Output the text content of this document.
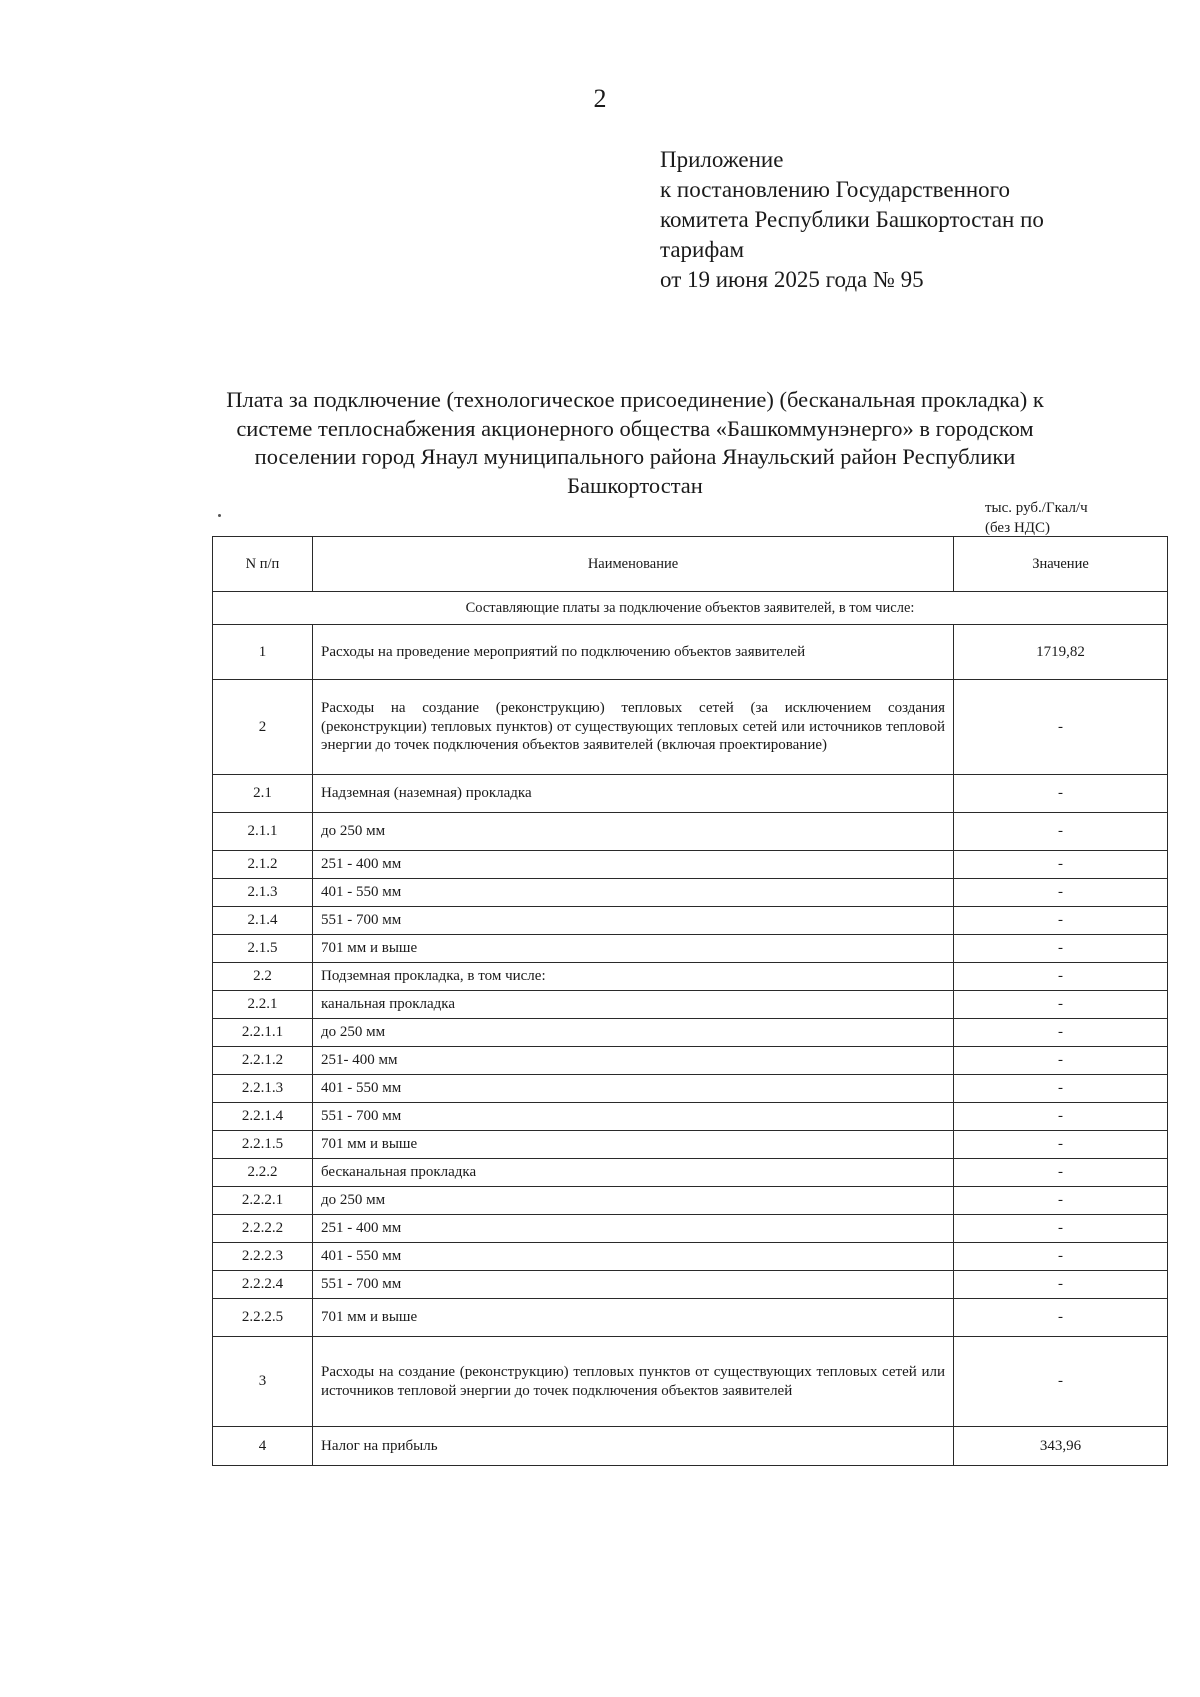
2
Приложение
к постановлению Государственного
комитета Республики Башкортостан по
тарифам
от 19 июня 2025 года № 95
Плата за подключение (технологическое присоединение) (бесканальная прокладка) к
системе теплоснабжения акционерного общества «Башкоммунэнерго» в городском
поселении город Янаул муниципального района Янаульский район Республики
Башкортостан
тыс. руб./Гкал/ч
(без НДС)
N п/п	Наименование	Значение
Составляющие платы за подключение объектов заявителей, в том числе:		
1	Расходы на проведение мероприятий по подключению объектов заявителей	1719,82
2	Расходы на создание (реконструкцию) тепловых сетей (за исключением создания (реконструкции) тепловых пунктов) от существующих тепловых сетей или источников тепловой энергии до точек подключения объектов заявителей (включая проектирование)	-
2.1	Надземная (наземная) прокладка	-
2.1.1	до 250 мм	-
2.1.2	251 - 400 мм	-
2.1.3	401 - 550 мм	-
2.1.4	551 - 700 мм	-
2.1.5	701 мм и выше	-
2.2	Подземная прокладка, в том числе:	-
2.2.1	канальная прокладка	-
2.2.1.1	до 250 мм	-
2.2.1.2	251- 400 мм	-
2.2.1.3	401 - 550 мм	-
2.2.1.4	551 - 700 мм	-
2.2.1.5	701 мм и выше	-
2.2.2	бесканальная прокладка	-
2.2.2.1	до 250 мм	-
2.2.2.2	251 - 400 мм	-
2.2.2.3	401 - 550 мм	-
2.2.2.4	551 - 700 мм	-
2.2.2.5	701 мм и выше	-
3	Расходы на создание (реконструкцию) тепловых пунктов от существующих тепловых сетей или источников тепловой энергии до точек подключения объектов заявителей	-
4	Налог на прибыль	343,96
